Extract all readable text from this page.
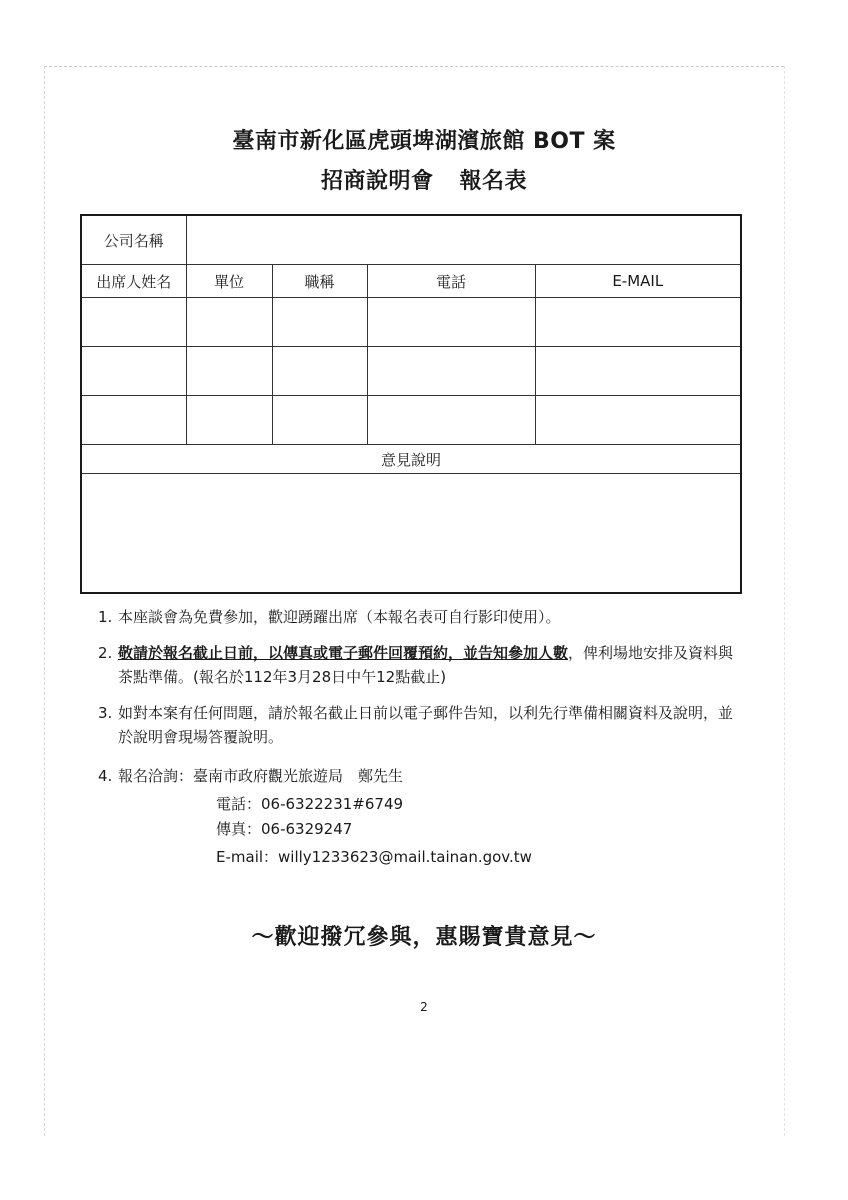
臺南市新化區虎頭埤湖濱旅館 BOT 案
招商說明會 報名表
公司名稱				
出席人姓名	單位	職稱	電話	E-MAIL

意見說明				

1. 本座談會為免費參加，歡迎踴躍出席（本報名表可自行影印使用）。
2. 敬請於報名截止日前，以傳真或電子郵件回覆預約，並告知參加人數，俾利場地安排及資料與茶點準備。(報名於112年3月28日中午12點截止)
3. 如對本案有任何問題，請於報名截止日前以電子郵件告知，以利先行準備相關資料及說明，並於說明會現場答覆說明。
4. 報名洽詢：臺南市政府觀光旅遊局　鄭先生
電話：06-6322231#6749
傳真：06-6329247
E-mail：willy1233623@mail.tainan.gov.tw
～歡迎撥冗參與，惠賜寶貴意見～
2
